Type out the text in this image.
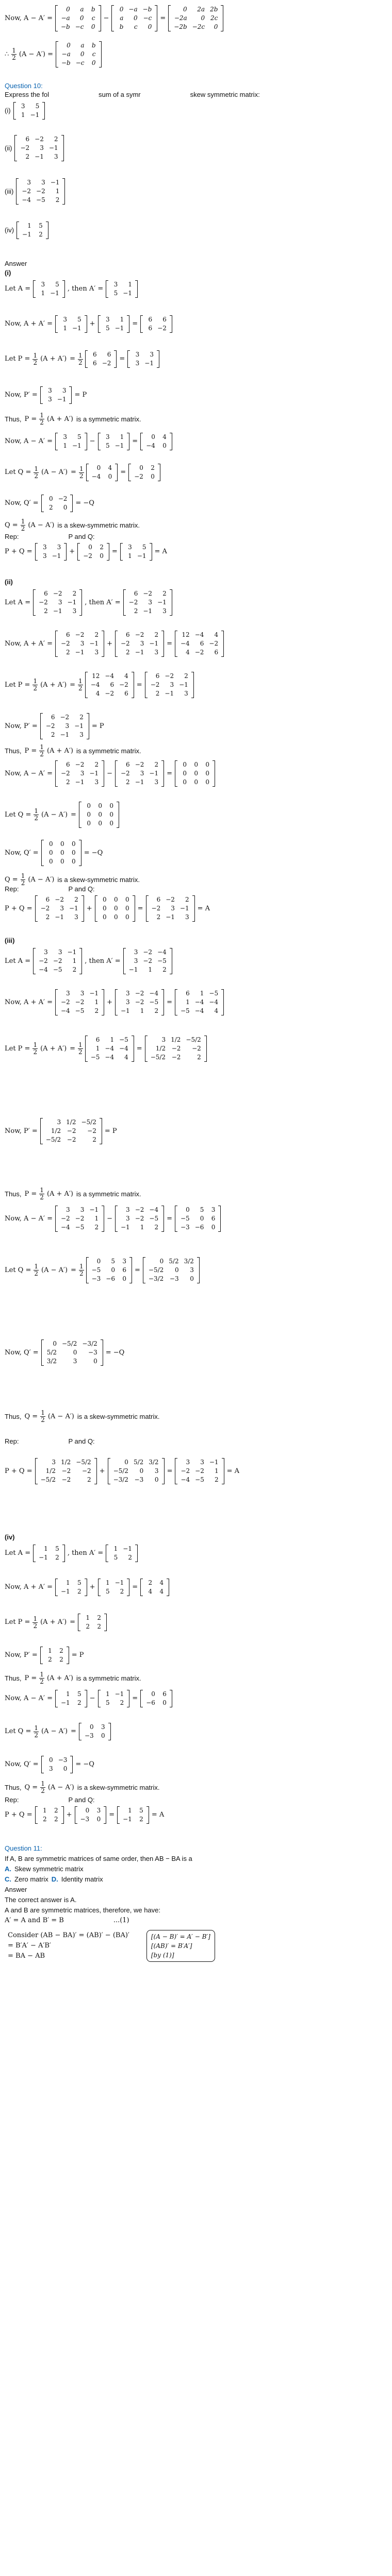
Now, A − A′ =
0	a	b
−a	0	c
−b	−c	0
−
0	−a	−b
a	0	−c
b	c	0
=
0	2a	2b
−2a	0	2c
−2b	−2c	0
∴ $\frac{1}{2} (A - A')$ =
0	a	b
−a	0	c
−b	−c	0
Question 10:
Express the fol	sum of a symr	skew symmetric matrix:
(i)
3	5
1	−1
(ii)
6	−2	2
−2	3	−1
2	−1	3
(iii)
3	3	−1
−2	−2	1
−4	−5	2
(iv)
1	5
−1	2
Answer
(i)
Let A =
3	5
1	−1
, then A′ =
3	1
5	−1
Now, A + A′ =
3	5
1	−1
+
3	1
5	−1
=
6	6
6	−2
Let $P = \frac{1}{2} (A + A') = \frac{1}{2} 6$	6
6	−2
=
3	3
3	−1
Now, P′ =
3	3
3	−1
= P
Thus, $P = \frac{1}{2} (A + A')$ is a symmetric matrix.
Now, A − A′ =
3	5
1	−1
−
3	1
5	−1
=
0	4
−4	0
Let $Q = \frac{1}{2} (A - A') = \frac{1}{2} 0$	4
−4	0
=
0	2
−2	0
Now, Q′ =
0	−2
2	0
= −Q
$Q = \frac{1}{2} (A - A')$ is a skew-symmetric matrix.
Rep:	P and Q:
P + Q =
3	3
3	−1
+
0	2
−2	0
=
3	5
1	−1
= A
(ii)
Let A =
6	−2	2
−2	3	−1
2	−1	3
, then A′ =
6	−2	2
−2	3	−1
2	−1	3
Now, A + A′ =
6	−2	2
−2	3	−1
2	−1	3
+
6	−2	2
−2	3	−1
2	−1	3
=
12	−4	4
−4	6	−2
4	−2	6
Let $P = \frac{1}{2} (A + A') = \frac{1}{2}$
12	−4	4
−4	6	−2
4	−2	6
=
6	−2	2
−2	3	−1
2	−1	3
Now, P′ =
6	−2	2
−2	3	−1
2	−1	3
= P
Thus, $P = \frac{1}{2} (A + A')$ is a symmetric matrix.
Now, A − A′ =
6	−2	2
−2	3	−1
2	−1	3
−
6	−2	2
−2	3	−1
2	−1	3
=
0	0	0
0	0	0
0	0	0
Let $Q = \frac{1}{2} (A - A')$ =
0	0	0
0	0	0
0	0	0
Now, Q′ =
0	0	0
0	0	0
0	0	0
= −Q
$Q = \frac{1}{2} (A - A')$ is a skew-symmetric matrix.
Rep:	P and Q:
P + Q =
6	−2	2
−2	3	−1
2	−1	3
+
0	0	0
0	0	0
0	0	0
=
6	−2	2
−2	3	−1
2	−1	3
= A
(iii)
Let A =
3	3	−1
−2	−2	1
−4	−5	2
, then A′ =
3	−2	−4
3	−2	−5
−1	1	2
Now, A + A′ =
3	3	−1
−2	−2	1
−4	−5	2
+
3	−2	−4
3	−2	−5
−1	1	2
=
6	1	−5
1	−4	−4
−5	−4	4
Let $P = \frac{1}{2} (A + A') = \frac{1}{2}$
6	1	−5
1	−4	−4
−5	−4	4
=
3	1/2	−5/2
1/2	−2	−2
−5/2	−2	2
Now, P′ =
3	1/2	−5/2
1/2	−2	−2
−5/2	−2	2
= P
Thus, $P = \frac{1}{2} (A + A')$ is a symmetric matrix.
Now, A − A′ =
3	3	−1
−2	−2	1
−4	−5	2
−
3	−2	−4
3	−2	−5
−1	1	2
=
0	5	3
−5	0	6
−3	−6	0
Let $Q = \frac{1}{2} (A - A') = \frac{1}{2}$
0	5	3
−5	0	6
−3	−6	0
=
0	5/2	3/2
−5/2	0	3
−3/2	−3	0
Now, Q′ =
0	−5/2	−3/2
5/2	0	−3
3/2	3	0
= −Q
Thus, $Q = \frac{1}{2} (A - A')$ is a skew-symmetric matrix.
Rep:	P and Q:
P + Q =
3	1/2	−5/2
1/2	−2	−2
−5/2	−2	2
+
0	5/2	3/2
−5/2	0	3
−3/2	−3	0
=
3	3	−1
−2	−2	1
−4	−5	2
= A
(iv)
Let A =
1	5
−1	2
, then A′ =
1	−1
5	2
Now, A + A′ =
1	5
−1	2
+
1	−1
5	2
=
2	4
4	4
Let $P = \frac{1}{2} (A + A')$ =
1	2
2	2
Now, P′ =
1	2
2	2
= P
Thus, $P = \frac{1}{2} (A + A')$ is a symmetric matrix.
Now, A − A′ =
1	5
−1	2
−
1	−1
5	2
=
0	6
−6	0
Let $Q = \frac{1}{2} (A - A')$ =
0	3
−3	0
Now, Q′ =
0	−3
3	0
= −Q
Thus, $Q = \frac{1}{2} (A - A')$ is a skew-symmetric matrix.
Rep:	P and Q:
P + Q =
1	2
2	2
+
0	3
−3	0
=
1	5
−1	2
= A
Question 11:
If A, B are symmetric matrices of same order, then AB − BA is a
A. Skew symmetric matrix
C. Zero matrix D. Identity matrix
Answer
The correct answer is A.
A and B are symmetric matrices, therefore, we have:
A′ = A and B′ = B	...(1)
Consider (AB − BA)′ = (AB)′ − (BA)′
= B′A′ − A′B′
= BA − AB
[(A − B)′ = A′ − B′]
[(AB)′ = B′A′]
[by (1)]
